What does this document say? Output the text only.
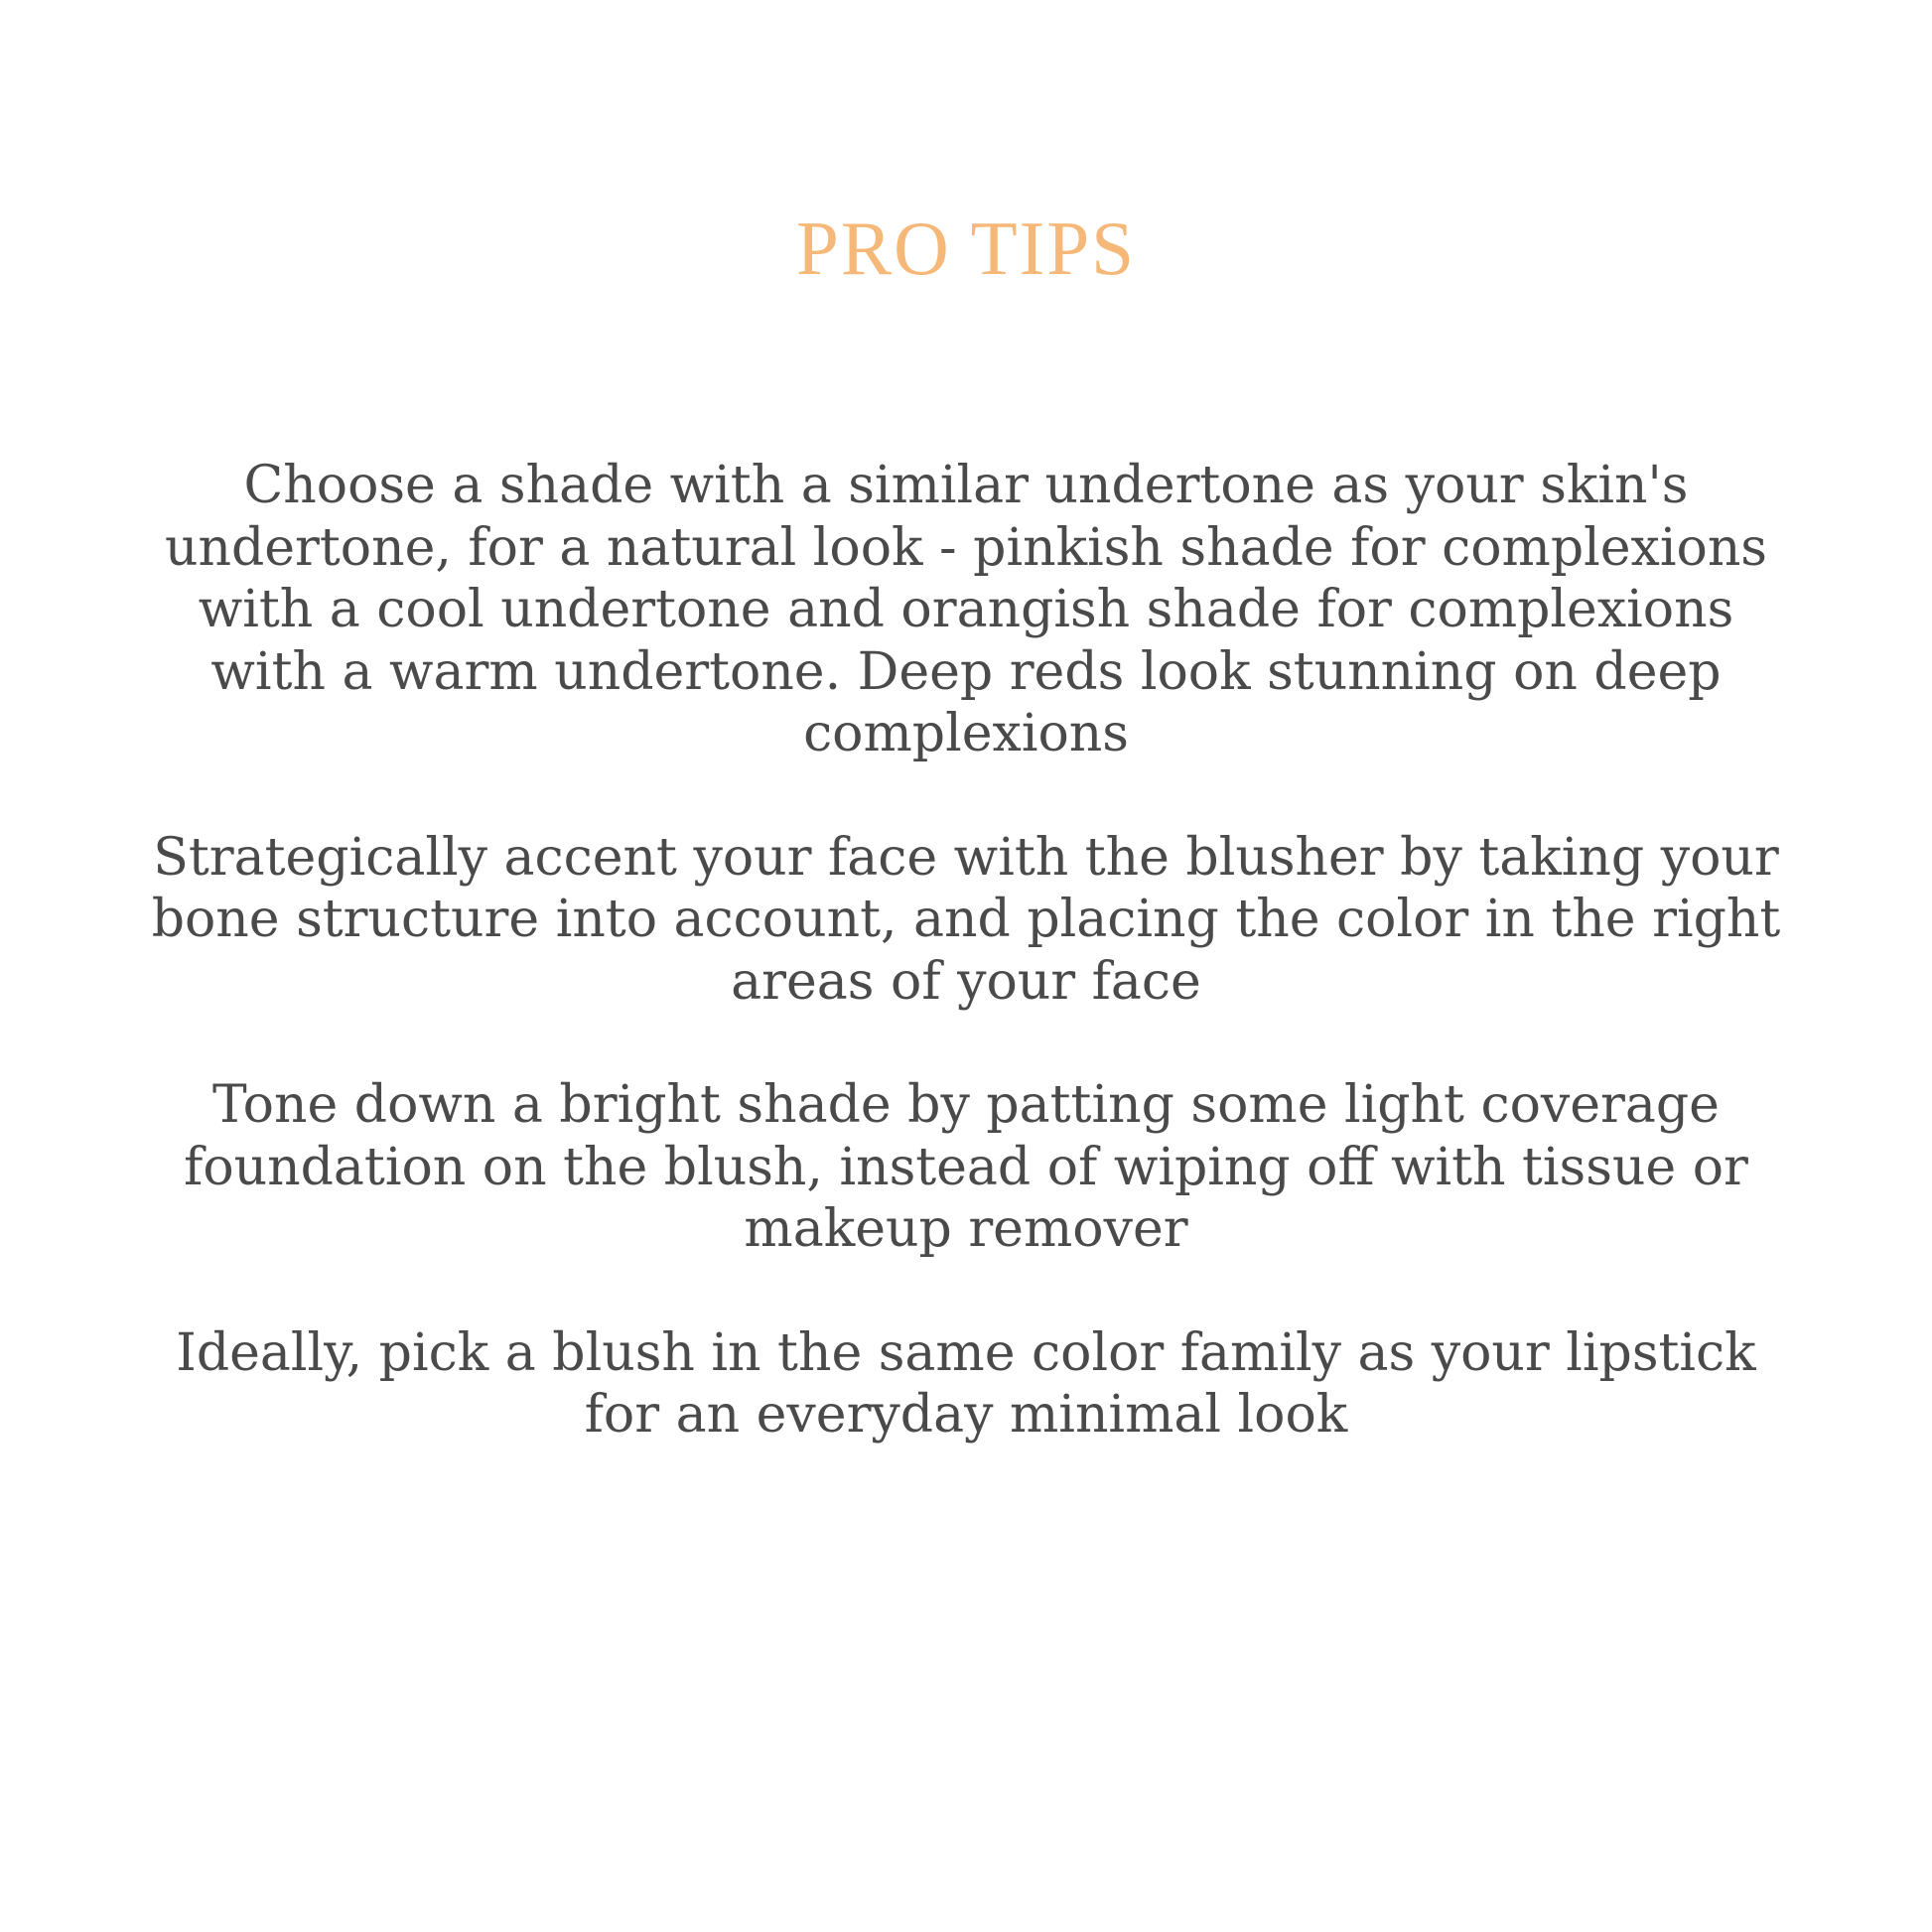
PRO TIPS

Choose a shade with a similar undertone as your skin's undertone, for a natural look - pinkish shade for complexions with a cool undertone and orangish shade for complexions with a warm undertone. Deep reds look stunning on deep complexions

Strategically accent your face with the blusher by taking your bone structure into account, and placing the color in the right areas of your face

Tone down a bright shade by patting some light coverage foundation on the blush, instead of wiping off with tissue or makeup remover

Ideally, pick a blush in the same color family as your lipstick for an everyday minimal look
